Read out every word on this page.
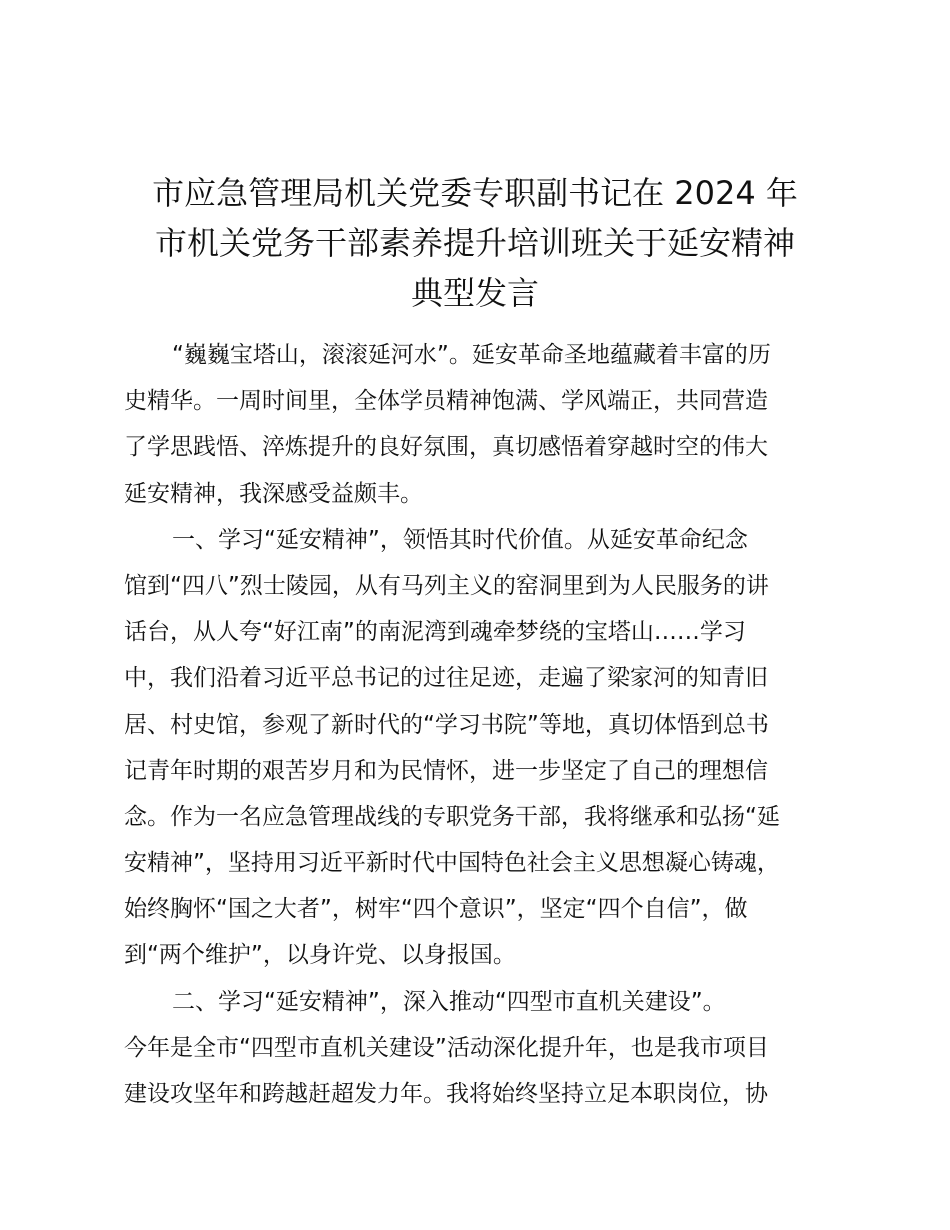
市应急管理局机关党委专职副书记在 2024 年
市机关党务干部素养提升培训班关于延安精神
典型发言
“巍巍宝塔山，滚滚延河水”。延安革命圣地蕴藏着丰富的历
史精华。一周时间里，全体学员精神饱满、学风端正，共同营造
了学思践悟、淬炼提升的良好氛围，真切感悟着穿越时空的伟大
延安精神，我深感受益颇丰。
一、学习“延安精神”，领悟其时代价值。从延安革命纪念
馆到“四八”烈士陵园，从有马列主义的窑洞里到为人民服务的讲
话台，从人夸“好江南”的南泥湾到魂牵梦绕的宝塔山……学习
中，我们沿着习近平总书记的过往足迹，走遍了梁家河的知青旧
居、村史馆，参观了新时代的“学习书院”等地，真切体悟到总书
记青年时期的艰苦岁月和为民情怀，进一步坚定了自己的理想信
念。作为一名应急管理战线的专职党务干部，我将继承和弘扬“延
安精神”，坚持用习近平新时代中国特色社会主义思想凝心铸魂，
始终胸怀“国之大者”，树牢“四个意识”，坚定“四个自信”，做
到“两个维护”，以身许党、以身报国。
二、学习“延安精神”，深入推动“四型市直机关建设”。
今年是全市“四型市直机关建设”活动深化提升年，也是我市项目
建设攻坚年和跨越赶超发力年。我将始终坚持立足本职岗位，协
